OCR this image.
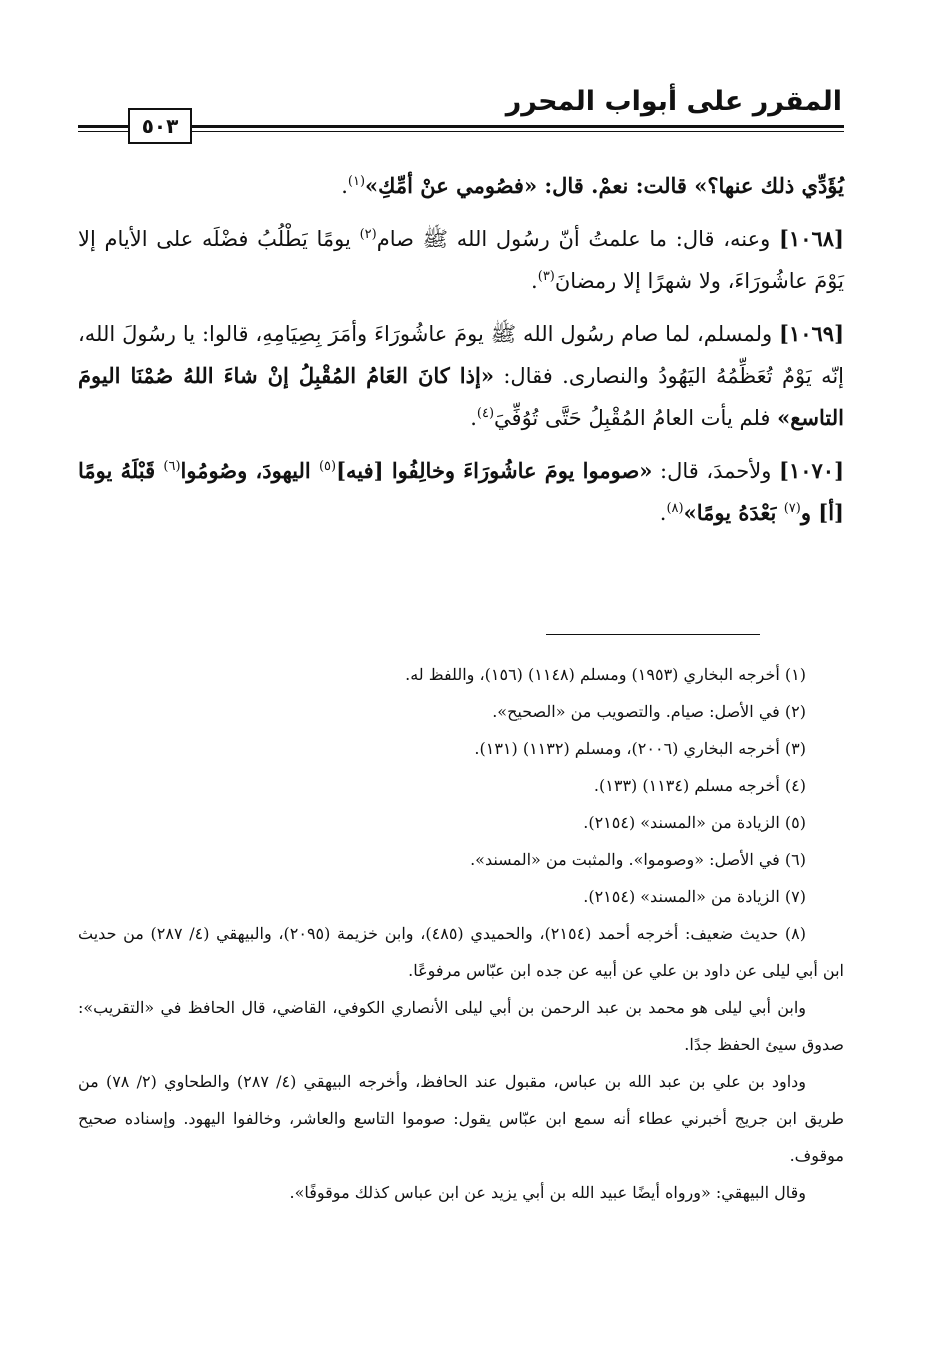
المقرر على أبواب المحرر
٥٠٣

يُؤَدِّي ذلك عنها؟» قالت: نعمْ. قال: «فصُومي عنْ أمِّكِ»$^{(١)}$.

[١٠٦٨] وعنه، قال: ما علمتُ أنّ رسُول الله ﷺ صام$^{(٢)}$ يومًا يَطْلُبُ فضْلَه على الأيام إلا يَوْمَ عاشُورَاءَ، ولا شهرًا إلا رمضانَ$^{(٣)}$.

[١٠٦٩] ولمسلم، لما صام رسُول الله ﷺ يومَ عاشُورَاءَ وأمَرَ بِصِيَامِهِ، قالوا: يا رسُولَ الله، إنّه يَوْمٌ تُعَظِّمُهُ اليَهُودُ والنصارى. فقال: «إذا كانَ العَامُ المُقْبِلُ إنْ شاءَ اللهُ صُمْنَا اليومَ التاسع» فلم يأت العامُ المُقْبِلُ حَتَّى تُوُفِّيَ$^{(٤)}$.

[١٠٧٠] ولأحمدَ، قال: «صوموا يومَ عاشُورَاءَ وخالِفُوا [فيه]$^{(٥)}$ اليهودَ، وصُومُوا$^{(٦)}$ قَبْلَهُ يومًا [أ] و$^{(٧)}$ بَعْدَهُ يومًا»$^{(٨)}$.

(١) أخرجه البخاري (١٩٥٣) ومسلم (١١٤٨) (١٥٦)، واللفظ له.

(٢) في الأصل: صيام. والتصويب من «الصحيح».

(٣) أخرجه البخاري (٢٠٠٦)، ومسلم (١١٣٢) (١٣١).

(٤) أخرجه مسلم (١١٣٤) (١٣٣).

(٥) الزيادة من «المسند» (٢١٥٤).

(٦) في الأصل: «وصوموا». والمثبت من «المسند».

(٧) الزيادة من «المسند» (٢١٥٤).

(٨) حديث ضعيف: أخرجه أحمد (٢١٥٤)، والحميدي (٤٨٥)، وابن خزيمة (٢٠٩٥)، والبيهقي (٤/ ٢٨٧) من حديث ابن أبي ليلى عن داود بن علي عن أبيه عن جده ابن عبّاس مرفوعًا.

وابن أبي ليلى هو محمد بن عبد الرحمن بن أبي ليلى الأنصاري الكوفي، القاضي، قال الحافظ في «التقريب»: صدوق سيئ الحفظ جدًا.

وداود بن علي بن عبد الله بن عباس، مقبول عند الحافظ، وأخرجه البيهقي (٤/ ٢٨٧) والطحاوي (٢/ ٧٨) من طريق ابن جريج أخبرني عطاء أنه سمع ابن عبّاس يقول: صوموا التاسع والعاشر، وخالفوا اليهود. وإسناده صحيح موقوف.

وقال البيهقي: «ورواه أيضًا عبيد الله بن أبي يزيد عن ابن عباس كذلك موقوفًا».
